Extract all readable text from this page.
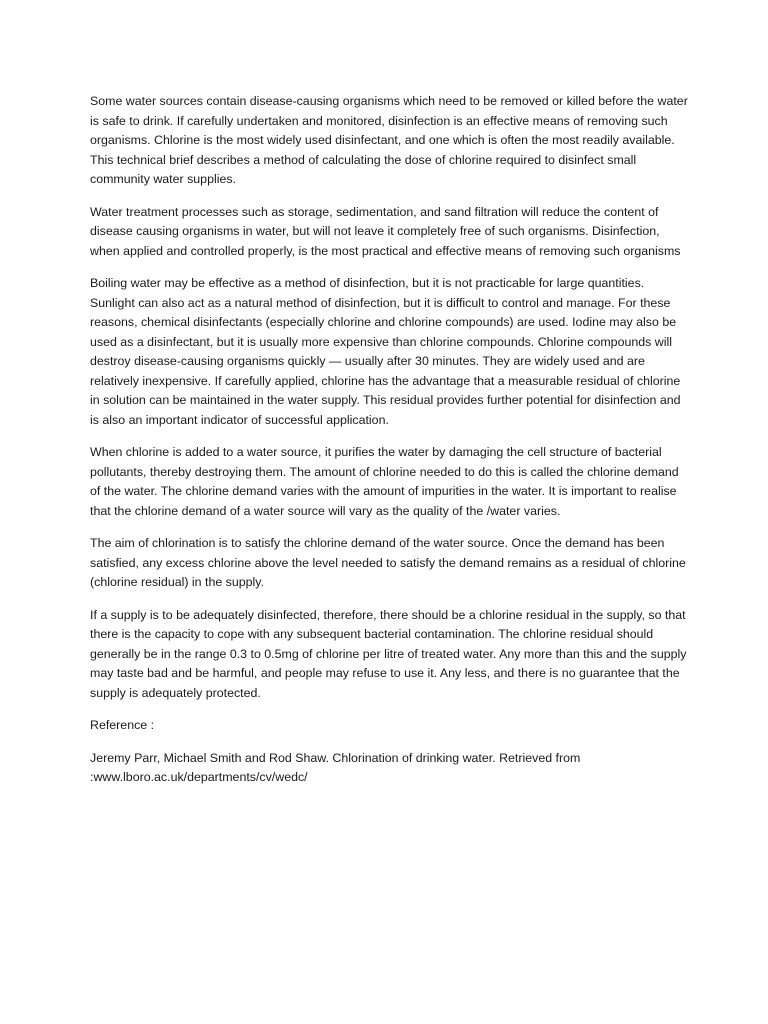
Some water sources contain disease-causing organisms which need to be removed or killed before the water is safe to drink. If carefully undertaken and monitored, disinfection is an effective means of removing such organisms. Chlorine is the most widely used disinfectant, and one which is often the most readily available. This technical brief describes a method of calculating the dose of chlorine required to disinfect small community water supplies.

Water treatment processes such as storage, sedimentation, and sand filtration will reduce the content of disease causing organisms in water, but will not leave it completely free of such organisms. Disinfection, when applied and controlled properly, is the most practical and effective means of removing such organisms

Boiling water may be effective as a method of disinfection, but it is not practicable for large quantities. Sunlight can also act as a natural method of disinfection, but it is difficult to control and manage. For these reasons, chemical disinfectants (especially chlorine and chlorine compounds) are used. Iodine may also be used as a disinfectant, but it is usually more expensive than chlorine compounds. Chlorine compounds will destroy disease-causing organisms quickly — usually after 30 minutes. They are widely used and are relatively inexpensive. If carefully applied, chlorine has the advantage that a measurable residual of chlorine in solution can be maintained in the water supply. This residual provides further potential for disinfection and is also an important indicator of successful application.

When chlorine is added to a water source, it purifies the water by damaging the cell structure of bacterial pollutants, thereby destroying them. The amount of chlorine needed to do this is called the chlorine demand of the water. The chlorine demand varies with the amount of impurities in the water. It is important to realise that the chlorine demand of a water source will vary as the quality of the /water varies.

The aim of chlorination is to satisfy the chlorine demand of the water source. Once the demand has been satisfied, any excess chlorine above the level needed to satisfy the demand remains as a residual of chlorine (chlorine residual) in the supply.

If a supply is to be adequately disinfected, therefore, there should be a chlorine residual in the supply, so that there is the capacity to cope with any subsequent bacterial contamination. The chlorine residual should generally be in the range 0.3 to 0.5mg of chlorine per litre of treated water. Any more than this and the supply may taste bad and be harmful, and people may refuse to use it. Any less, and there is no guarantee that the supply is adequately protected.

Reference :

Jeremy Parr, Michael Smith and Rod Shaw. Chlorination of drinking water. Retrieved from :www.lboro.ac.uk/departments/cv/wedc/
